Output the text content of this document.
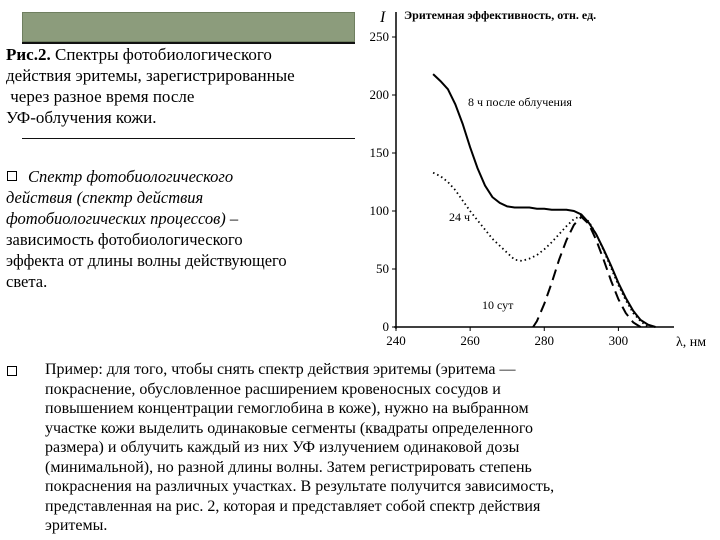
Рис.2. Спектры фотобиологического
действия эритемы, зарегистрированные
через разное время после
УФ-облучения кожи.
Спектр фотобиологического
действия (спектр действия
фотобиологических процессов) –
зависимость фотобиологического
эффекта от длины волны действующего
света.
Пример: для того, чтобы снять спектр действия эритемы (эритема —
покраснение, обусловленное расширением кровеносных сосудов и
повышением концентрации гемоглобина в коже), нужно на выбранном
участке кожи выделить одинаковые сегменты (квадраты определенного
размера) и облучить каждый из них УФ излучением одинаковой дозы
(минимальной), но разной длины волны. Затем регистрировать степень
покраснения на различных участках. В результате получится зависимость,
представленная на рис. 2, которая и представляет собой спектр действия
эритемы.
I Эритемная эффективность, отн. ед.
λ, нм
0
50
100
150
200
250
240	260	280	300
8 ч после облучения
24 ч
10 сут
